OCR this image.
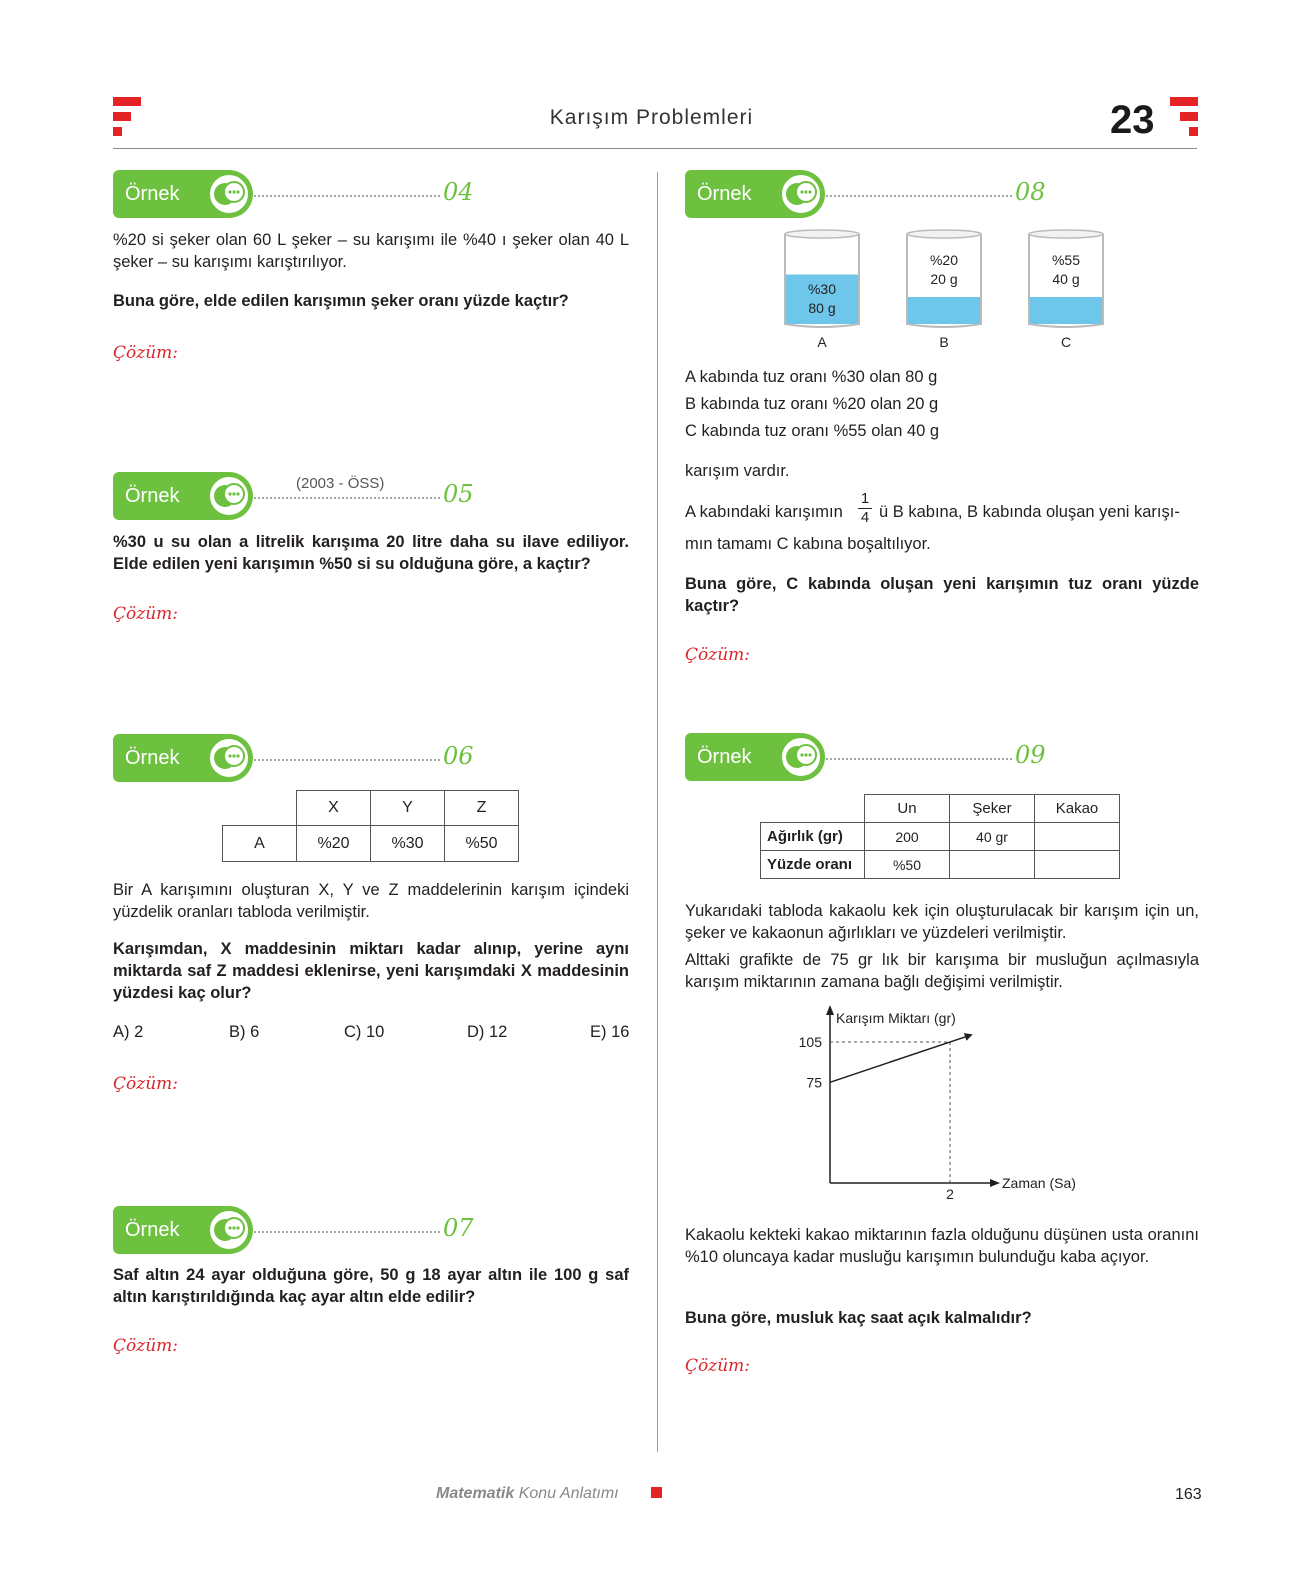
Karışım Problemleri	23
Örnek	04
%20 si şeker olan 60 L şeker – su karışımı ile %40 ı şeker olan 40 L şeker – su karışımı karıştırılıyor.
Buna göre, elde edilen karışımın şeker oranı yüzde kaçtır?
Çözüm:
Örnek
(2003 - ÖSS) 05
%30 u su olan a litrelik karışıma 20 litre daha su ilave ediliyor. Elde edilen yeni karışımın %50 si su olduğuna göre, a kaçtır?
Çözüm:
Örnek	06
	X	Y	Z
A	%20	%30	%50
Bir A karışımını oluşturan X, Y ve Z maddelerinin karışım içindeki yüzdelik oranları tabloda verilmiştir.
Karışımdan, X maddesinin miktarı kadar alınıp, yerine aynı miktarda saf Z maddesi eklenirse, yeni karışımdaki X maddesinin yüzdesi kaç olur?
A) 2	B) 6	C) 10	D) 12	E) 16
Çözüm:
Örnek	07
Saf altın 24 ayar olduğuna göre, 50 g 18 ayar altın ile 100 g saf altın karıştırıldığında kaç ayar altın elde edilir?
Çözüm:
Örnek	08
%30
80 g
A
%20
20 g
B
%55
40 g
C
A kabında tuz oranı %30 olan 80 g
B kabında tuz oranı %20 olan 20 g
C kabında tuz oranı %55 olan 40 g
karışım vardır.
A kabındaki karışımın $\frac{1}{4}$ ü B kabına, B kabında oluşan yeni karışı-
mın tamamı C kabına boşaltılıyor.
Buna göre, C kabında oluşan yeni karışımın tuz oranı yüzde kaçtır?
Çözüm:
Örnek	09
	Un	Şeker	Kakao
Ağırlık (gr)	200	40 gr	
Yüzde oranı	%50		
Yukarıdaki tabloda kakaolu kek için oluşturulacak bir karışım için un, şeker ve kakaonun ağırlıkları ve yüzdeleri verilmiştir.
Alttaki grafikte de 75 gr lık bir karışıma bir musluğun açılmasıyla karışım miktarının zamana bağlı değişimi verilmiştir.
Karışım Miktarı (gr)
Zaman (Sa)
75
105
2
Kakaolu kekteki kakao miktarının fazla olduğunu düşünen usta oranını %10 oluncaya kadar musluğu karışımın bulunduğu kaba açıyor.
Buna göre, musluk kaç saat açık kalmalıdır?
Çözüm:
Matematik Konu Anlatımı	163
